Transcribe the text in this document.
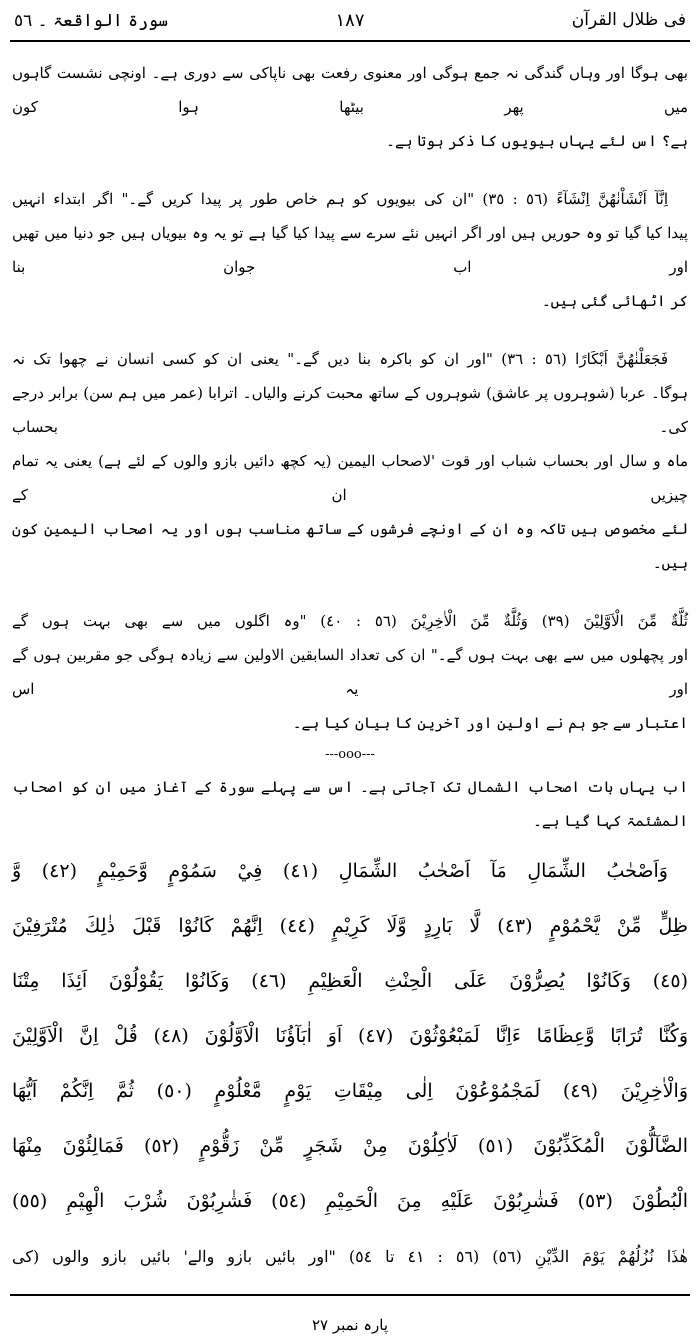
فی ظلال القرآن
١٨٧
سورۃ الواقعۃ ۔ ٥٦
بھی ہوگا اور وہاں گندگی نہ جمع ہوگی اور معنوی رفعت بھی ناپاکی سے دوری ہے۔ اونچی نشست گاہوں میں پھر بیٹھا ہوا کون
ہے؟ اس لئے یہاں بیویوں کا ذکر ہوتا ہے۔
اِنَّآ اَنْشَاْنٰهُنَّ اِنْشَآءً (٥٦ : ٣٥) "ان کی بیویوں کو ہم خاص طور پر پیدا کریں گے۔" اگر ابتداء انہیں
پیدا کیا گیا تو وہ حوریں ہیں اور اگر انہیں نئے سرے سے پیدا کیا گیا ہے تو یہ وہ بیویاں ہیں جو دنیا میں تھیں اور اب جوان بنا
کر اٹھائی گئی ہیں۔
فَجَعَلْنٰهُنَّ اَبْكَارًا (٥٦ : ٣٦) "اور ان کو باکرہ بنا دیں گے۔" یعنی ان کو کسی انسان نے چھوا تک نہ
ہوگا۔ عربا (شوہروں پر عاشق) شوہروں کے ساتھ محبت کرنے والیاں۔ اترابا (عمر میں ہم سن) برابر درجے کی۔ بحساب
ماہ و سال اور بحساب شباب اور قوت 'لاصحاب الیمین (یہ کچھ دائیں بازو والوں کے لئے ہے) یعنی یہ تمام چیزیں ان کے
لئے مخصوص ہیں تاکہ وہ ان کے اونچے فرشوں کے ساتھ مناسب ہوں اور یہ اصحاب الیمین کون ہیں۔
ثُلَّةٌ مِّنَ الْاَوَّلِيْنَ (٣٩) وَثُلَّةٌ مِّنَ الْاٰخِرِيْنَ (٥٦ : ٤٠) "وہ اگلوں میں سے بھی بہت ہوں گے
اور پچھلوں میں سے بھی بہت ہوں گے۔" ان کی تعداد السابقین الاولین سے زیادہ ہوگی جو مقربین ہوں گے اور یہ اس
اعتبار سے جو ہم نے اولین اور آخرین کا بیان کیا ہے۔
---ooo---
اب یہاں بات اصحاب الشمال تک آجاتی ہے۔ اس سے پہلے سورۃ کے آغاز میں ان کو اصحاب المشئمۃ کہا گیا ہے۔
وَاَصْحٰبُ الشِّمَالِ مَآ اَصْحٰبُ الشِّمَالِ (٤١) فِيْ سَمُوْمٍ وَّحَمِيْمٍ (٤٢) وَّ
ظِلٍّ مِّنْ يَّحْمُوْمٍ (٤٣) لَّا بَارِدٍ وَّلَا كَرِيْمٍ (٤٤) اِنَّهُمْ كَانُوْا قَبْلَ ذٰلِكَ مُتْرَفِيْنَ
(٤٥) وَكَانُوْا يُصِرُّوْنَ عَلَى الْحِنْثِ الْعَظِيْمِ (٤٦) وَكَانُوْا يَقُوْلُوْنَ اَئِذَا مِتْنَا
وَكُنَّا تُرَابًا وَّعِظَامًا ءَاِنَّا لَمَبْعُوْثُوْنَ (٤٧) اَوَ اٰبَآؤُنَا الْاَوَّلُوْنَ (٤٨) قُلْ اِنَّ الْاَوَّلِيْنَ
وَالْاٰخِرِيْنَ (٤٩) لَمَجْمُوْعُوْنَ اِلٰى مِيْقَاتِ يَوْمٍ مَّعْلُوْمٍ (٥٠) ثُمَّ اِنَّكُمْ اَيُّهَا
الضَّآلُّوْنَ الْمُكَذِّبُوْنَ (٥١) لَاٰكِلُوْنَ مِنْ شَجَرٍ مِّنْ زَقُّوْمٍ (٥٢) فَمَالِئُوْنَ مِنْهَا
الْبُطُوْنَ (٥٣) فَشٰرِبُوْنَ عَلَيْهِ مِنَ الْحَمِيْمِ (٥٤) فَشٰرِبُوْنَ شُرْبَ الْهِيْمِ (٥٥)
هٰذَا نُزُلُهُمْ يَوْمَ الدِّيْنِ (٥٦) (٥٦ : ٤١ تا ٥٤) "اور بائیں بازو والے' بائیں بازو والوں (کی
پارہ نمبر ٢٧
